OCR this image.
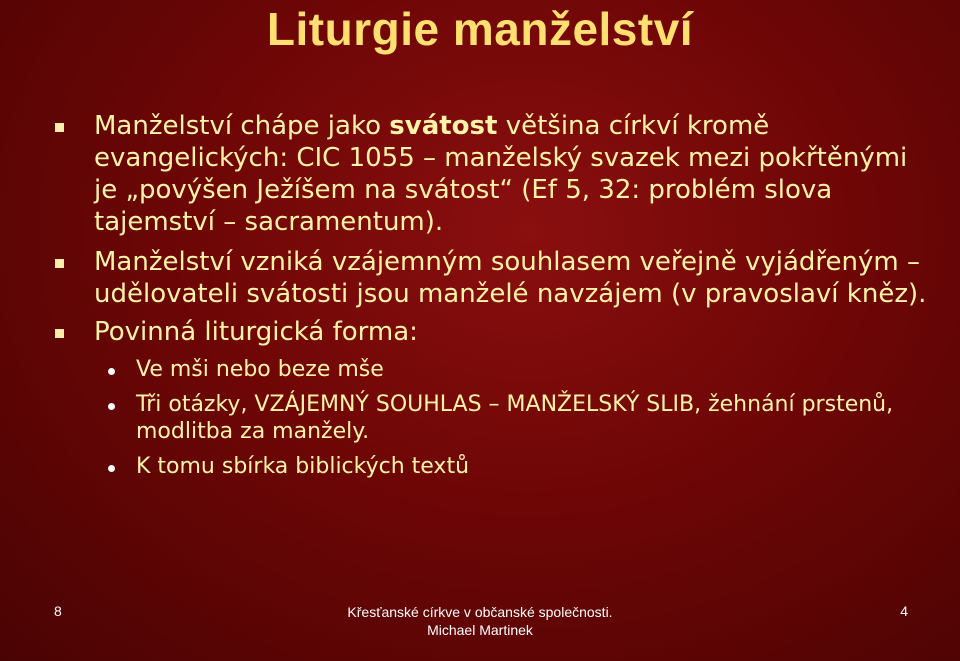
Liturgie manželství
Manželství chápe jako svátost většina církví kromě evangelických: CIC 1055 – manželský svazek mezi pokřtěnými je „povýšen Ježíšem na svátost“ (Ef 5, 32: problém slova tajemství – sacramentum).
Manželství vzniká vzájemným souhlasem veřejně vyjádřeným – udělovateli svátosti jsou manželé navzájem (v pravoslaví kněz).
Povinná liturgická forma:
Ve mši nebo beze mše
Tři otázky, VZÁJEMNÝ SOUHLAS – MANŽELSKÝ SLIB, žehnání prstenů, modlitba za manžely.
K tomu sbírka biblických textů
8	Křesťanské církve v občanské společnosti.
Michael Martinek
4
